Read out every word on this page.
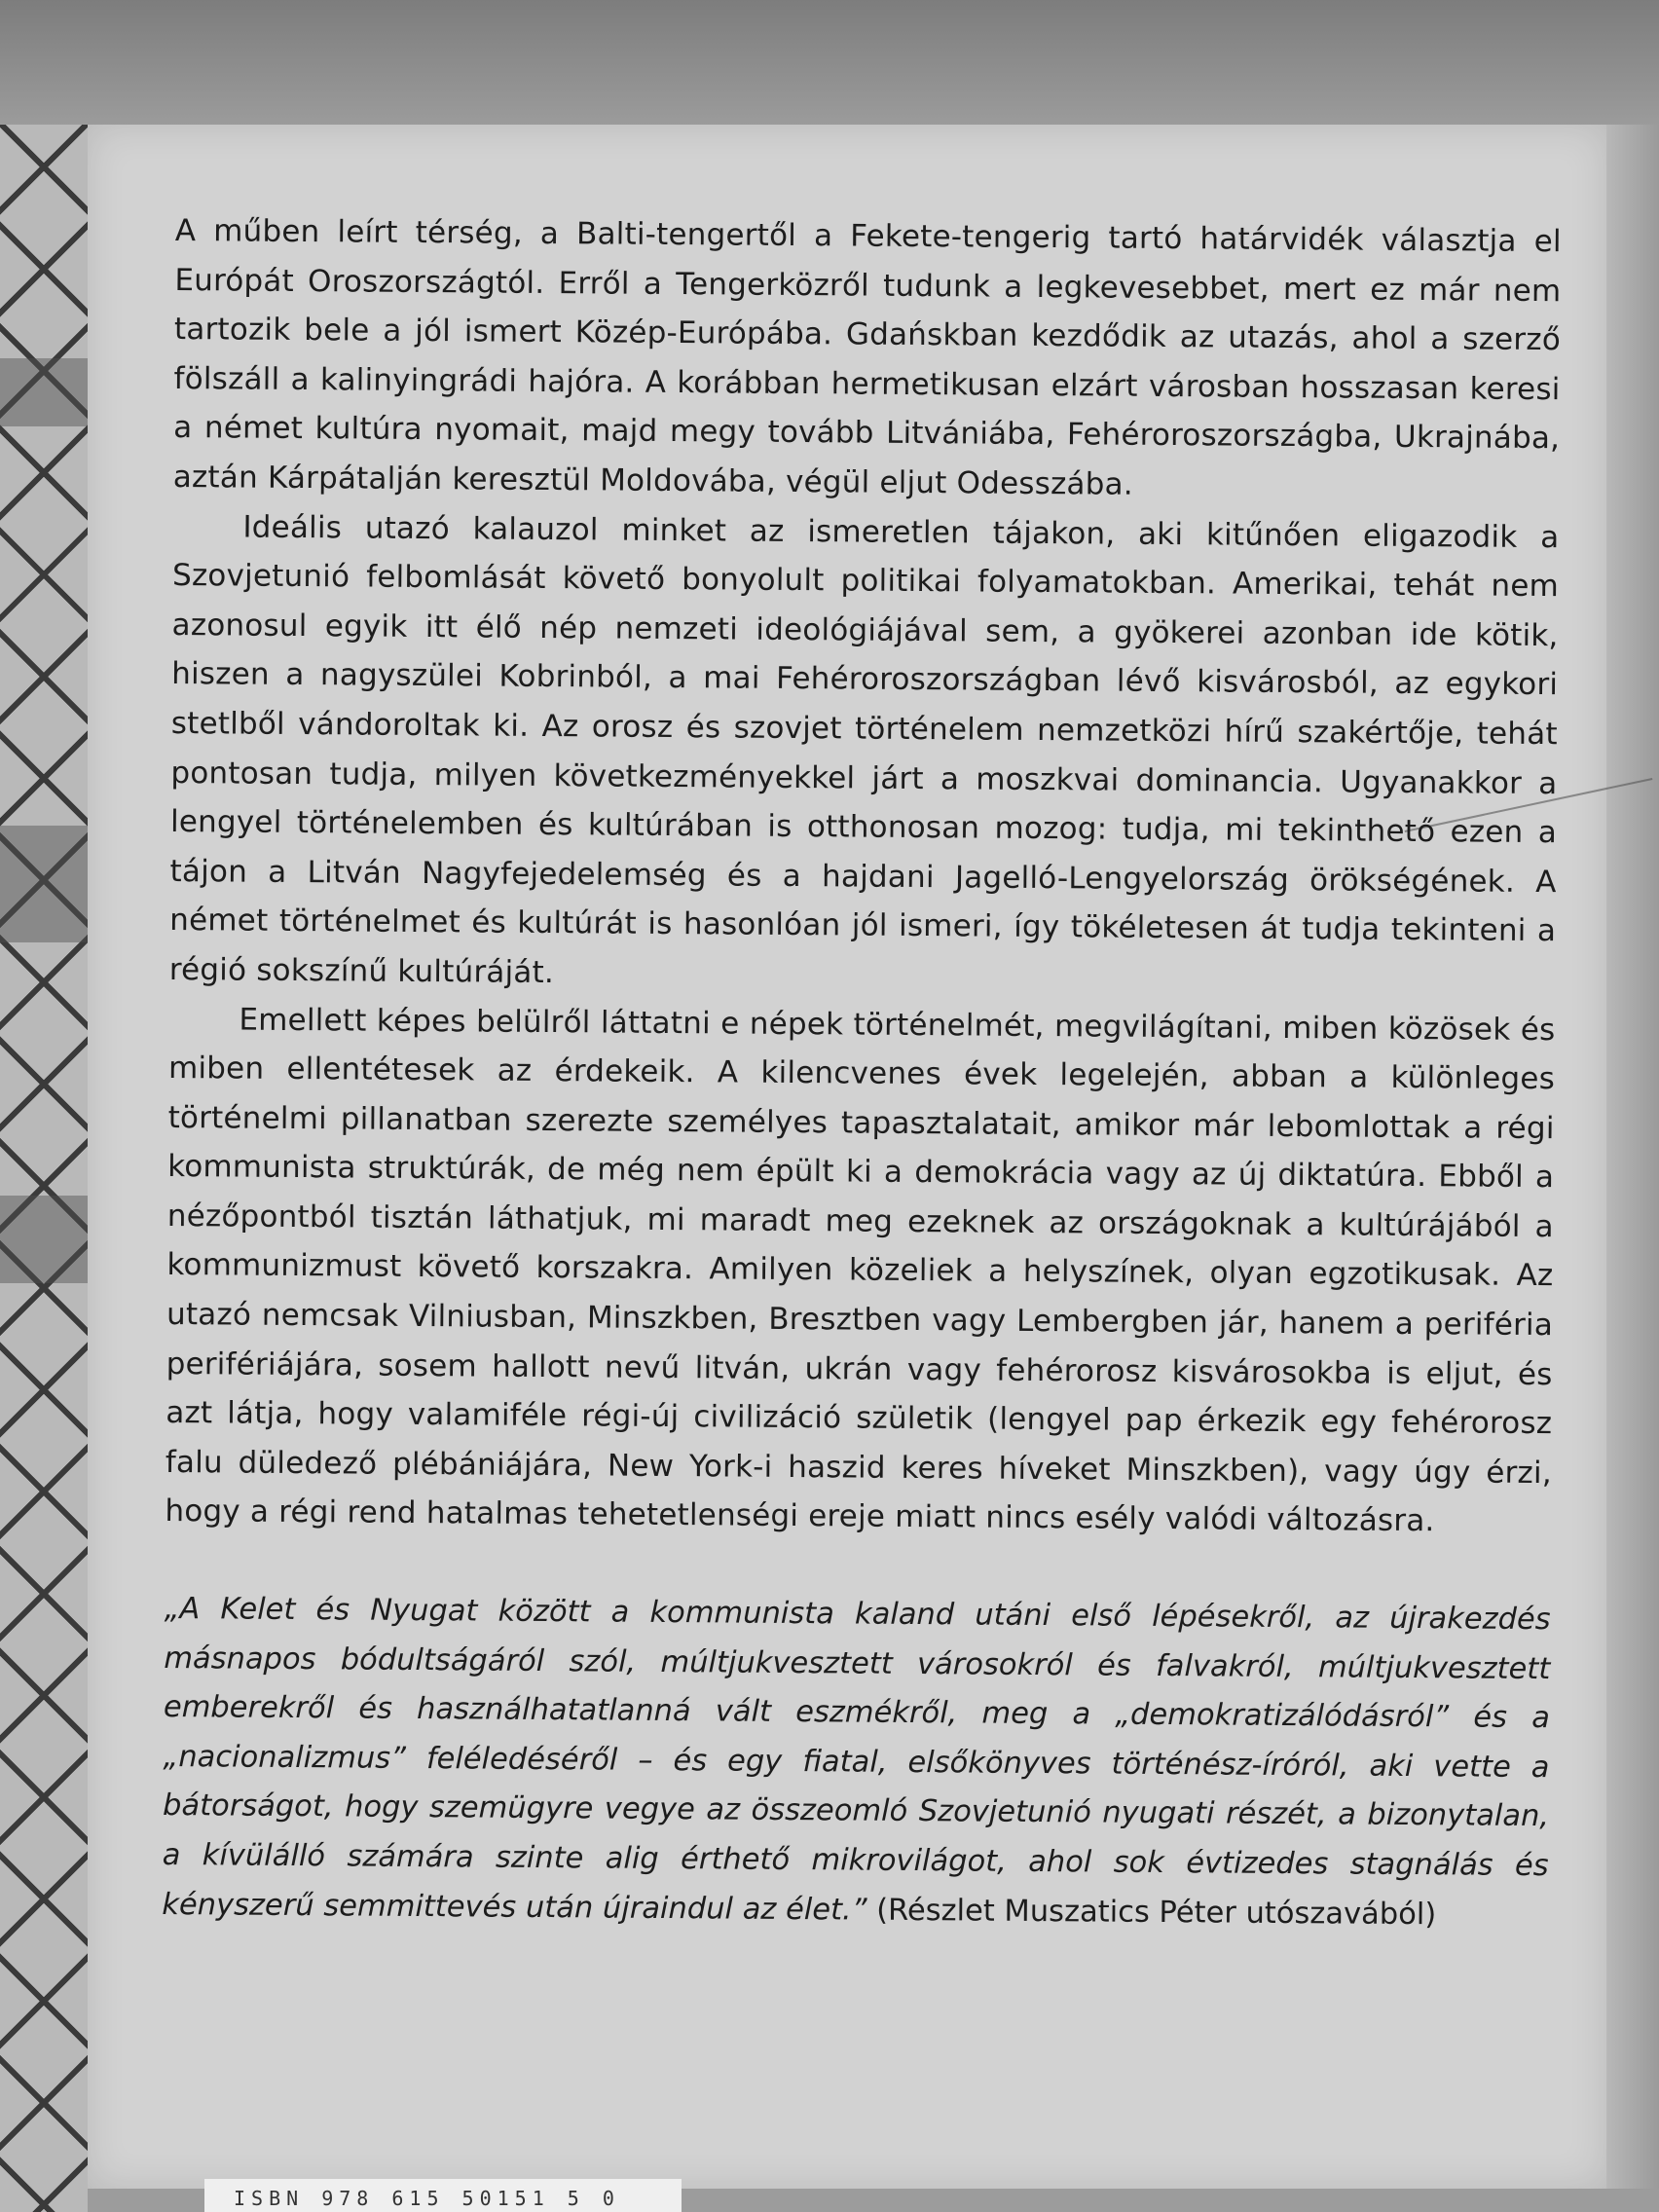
A műben leírt térség, a Balti-tengertől a Fekete-tengerig tartó határvidék választja el Európát Oroszországtól. Erről a Tengerközről tudunk a legkevesebbet, mert ez már nem tartozik bele a jól ismert Közép-Európába. Gdańskban kezdődik az utazás, ahol a szerző fölszáll a kalinyingrádi hajóra. A korábban hermetikusan elzárt városban hosszasan keresi a német kultúra nyomait, majd megy tovább Litvániába, Fehéroroszországba, Ukrajnába, aztán Kárpátalján keresztül Moldovába, végül eljut Odesszába.

Ideális utazó kalauzol minket az ismeretlen tájakon, aki kitűnően eligazodik a Szovjetunió felbomlását követő bonyolult politikai folyamatokban. Amerikai, tehát nem azonosul egyik itt élő nép nemzeti ideológiájával sem, a gyökerei azonban ide kötik, hiszen a nagyszülei Kobrinból, a mai Fehéroroszországban lévő kisvárosból, az egykori stetlből vándoroltak ki. Az orosz és szovjet történelem nemzetközi hírű szakértője, tehát pontosan tudja, milyen következményekkel járt a moszkvai dominancia. Ugyanakkor a lengyel történelemben és kultúrában is otthonosan mozog: tudja, mi tekinthető ezen a tájon a Litván Nagyfejedelemség és a hajdani Jagelló-Lengyelország örökségének. A német történelmet és kultúrát is hasonlóan jól ismeri, így tökéletesen át tudja tekinteni a régió sokszínű kultúráját.

Emellett képes belülről láttatni e népek történelmét, megvilágítani, miben közösek és miben ellentétesek az érdekeik. A kilencvenes évek legelején, abban a különleges történelmi pillanatban szerezte személyes tapasztalatait, amikor már lebomlottak a régi kommunista struktúrák, de még nem épült ki a demokrácia vagy az új diktatúra. Ebből a nézőpontból tisztán láthatjuk, mi maradt meg ezeknek az országoknak a kultúrájából a kommunizmust követő korszakra. Amilyen közeliek a helyszínek, olyan egzotikusak. Az utazó nemcsak Vilniusban, Minszkben, Bresztben vagy Lembergben jár, hanem a periféria perifériájára, sosem hallott nevű litván, ukrán vagy fehérorosz kisvárosokba is eljut, és azt látja, hogy valamiféle régi-új civilizáció születik (lengyel pap érkezik egy fehérorosz falu düledező plébániájára, New York-i haszid keres híveket Minszkben), vagy úgy érzi, hogy a régi rend hatalmas tehetetlenségi ereje miatt nincs esély valódi változásra.

„A Kelet és Nyugat között a kommunista kaland utáni első lépésekről, az újrakezdés másnapos bódultságáról szól, múltjukvesztett városokról és falvakról, múltjukvesztett emberekről és használhatatlanná vált eszmékről, meg a „demokratizálódásról” és a „nacionalizmus” feléledéséről – és egy fiatal, elsőkönyves történész-íróról, aki vette a bátorságot, hogy szemügyre vegye az összeomló Szovjetunió nyugati részét, a bizonytalan, a kívülálló számára szinte alig érthető mikrovilágot, ahol sok évtizedes stagnálás és kényszerű semmittevés után újraindul az élet.” (Részlet Muszatics Péter utószavából)

ISBN 978 615 50151 5 0
